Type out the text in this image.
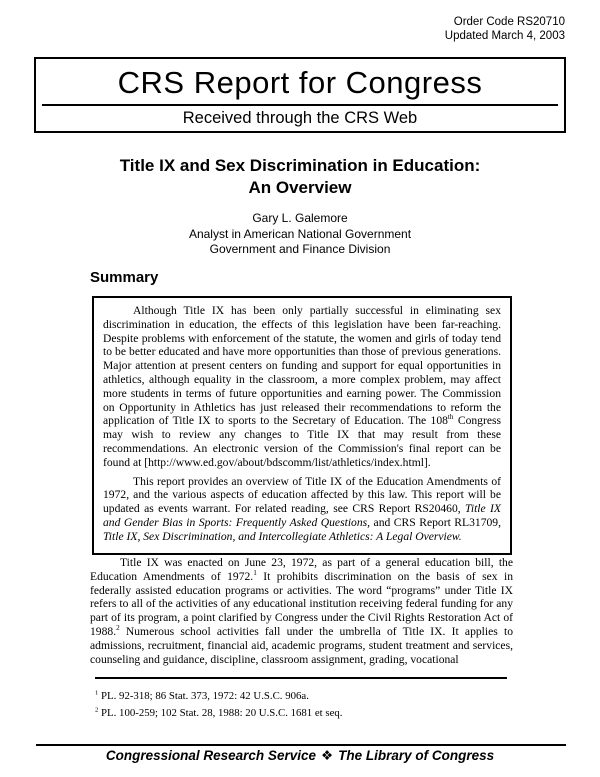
Order Code RS20710
Updated March 4, 2003
CRS Report for Congress
Received through the CRS Web
Title IX and Sex Discrimination in Education:
An Overview
Gary L. Galemore
Analyst in American National Government
Government and Finance Division
Summary

Although Title IX has been only partially successful in eliminating sex discrimination in education, the effects of this legislation have been far-reaching. Despite problems with enforcement of the statute, the women and girls of today tend to be better educated and have more opportunities than those of previous generations. Major attention at present centers on funding and support for equal opportunities in athletics, although equality in the classroom, a more complex problem, may affect more students in terms of future opportunities and earning power. The Commission on Opportunity in Athletics has just released their recommendations to reform the application of Title IX to sports to the Secretary of Education. The 108th Congress may wish to review any changes to Title IX that may result from these recommendations. An electronic version of the Commission's final report can be found at [http://www.ed.gov/about/bdscomm/list/athletics/index.html].

This report provides an overview of Title IX of the Education Amendments of 1972, and the various aspects of education affected by this law. This report will be updated as events warrant. For related reading, see CRS Report RS20460, Title IX and Gender Bias in Sports: Frequently Asked Questions, and CRS Report RL31709, Title IX, Sex Discrimination, and Intercollegiate Athletics: A Legal Overview.

Title IX was enacted on June 23, 1972, as part of a general education bill, the Education Amendments of 1972.$^1$ It prohibits discrimination on the basis of sex in federally assisted education programs or activities. The word “programs” under Title IX refers to all of the activities of any educational institution receiving federal funding for any part of its program, a point clarified by Congress under the Civil Rights Restoration Act of 1988.$^2$ Numerous school activities fall under the umbrella of Title IX. It applies to admissions, recruitment, financial aid, academic programs, student treatment and services, counseling and guidance, discipline, classroom assignment, grading, vocational

$^1$ PL. 92-318; 86 Stat. 373, 1972: 42 U.S.C. 906a.
$^2$ PL. 100-259; 102 Stat. 28, 1988: 20 U.S.C. 1681 et seq.
Congressional Research Service ❖ The Library of Congress
